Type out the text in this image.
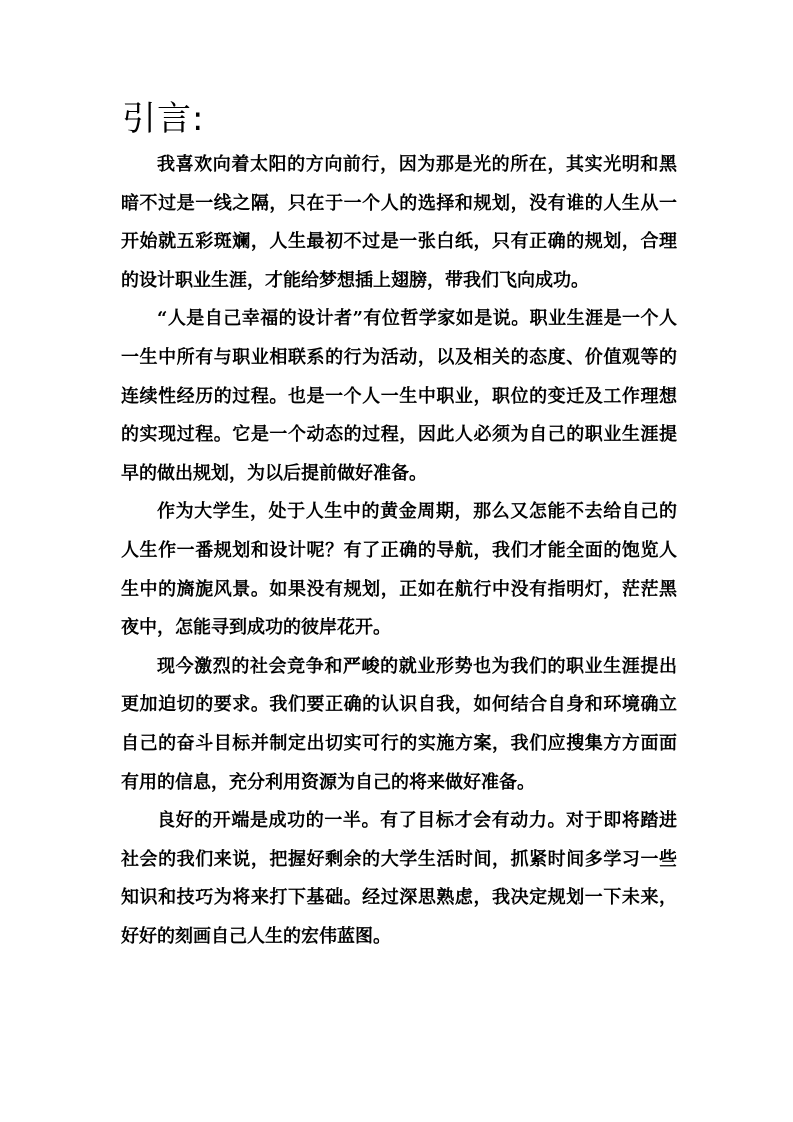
引言:

我喜欢向着太阳的方向前行，因为那是光的所在，其实光明和黑暗不过是一线之隔，只在于一个人的选择和规划，没有谁的人生从一开始就五彩斑斓，人生最初不过是一张白纸，只有正确的规划，合理的设计职业生涯，才能给梦想插上翅膀，带我们飞向成功。

“人是自己幸福的设计者”有位哲学家如是说。职业生涯是一个人一生中所有与职业相联系的行为活动，以及相关的态度、价值观等的连续性经历的过程。也是一个人一生中职业，职位的变迁及工作理想的实现过程。它是一个动态的过程，因此人必须为自己的职业生涯提早的做出规划，为以后提前做好准备。

作为大学生，处于人生中的黄金周期，那么又怎能不去给自己的人生作一番规划和设计呢？有了正确的导航，我们才能全面的饱览人生中的旖旎风景。如果没有规划，正如在航行中没有指明灯，茫茫黑夜中，怎能寻到成功的彼岸花开。

现今激烈的社会竞争和严峻的就业形势也为我们的职业生涯提出更加迫切的要求。我们要正确的认识自我，如何结合自身和环境确立自己的奋斗目标并制定出切实可行的实施方案，我们应搜集方方面面有用的信息，充分利用资源为自己的将来做好准备。

良好的开端是成功的一半。有了目标才会有动力。对于即将踏进社会的我们来说，把握好剩余的大学生活时间，抓紧时间多学习一些知识和技巧为将来打下基础。经过深思熟虑，我决定规划一下未来，好好的刻画自己人生的宏伟蓝图。
